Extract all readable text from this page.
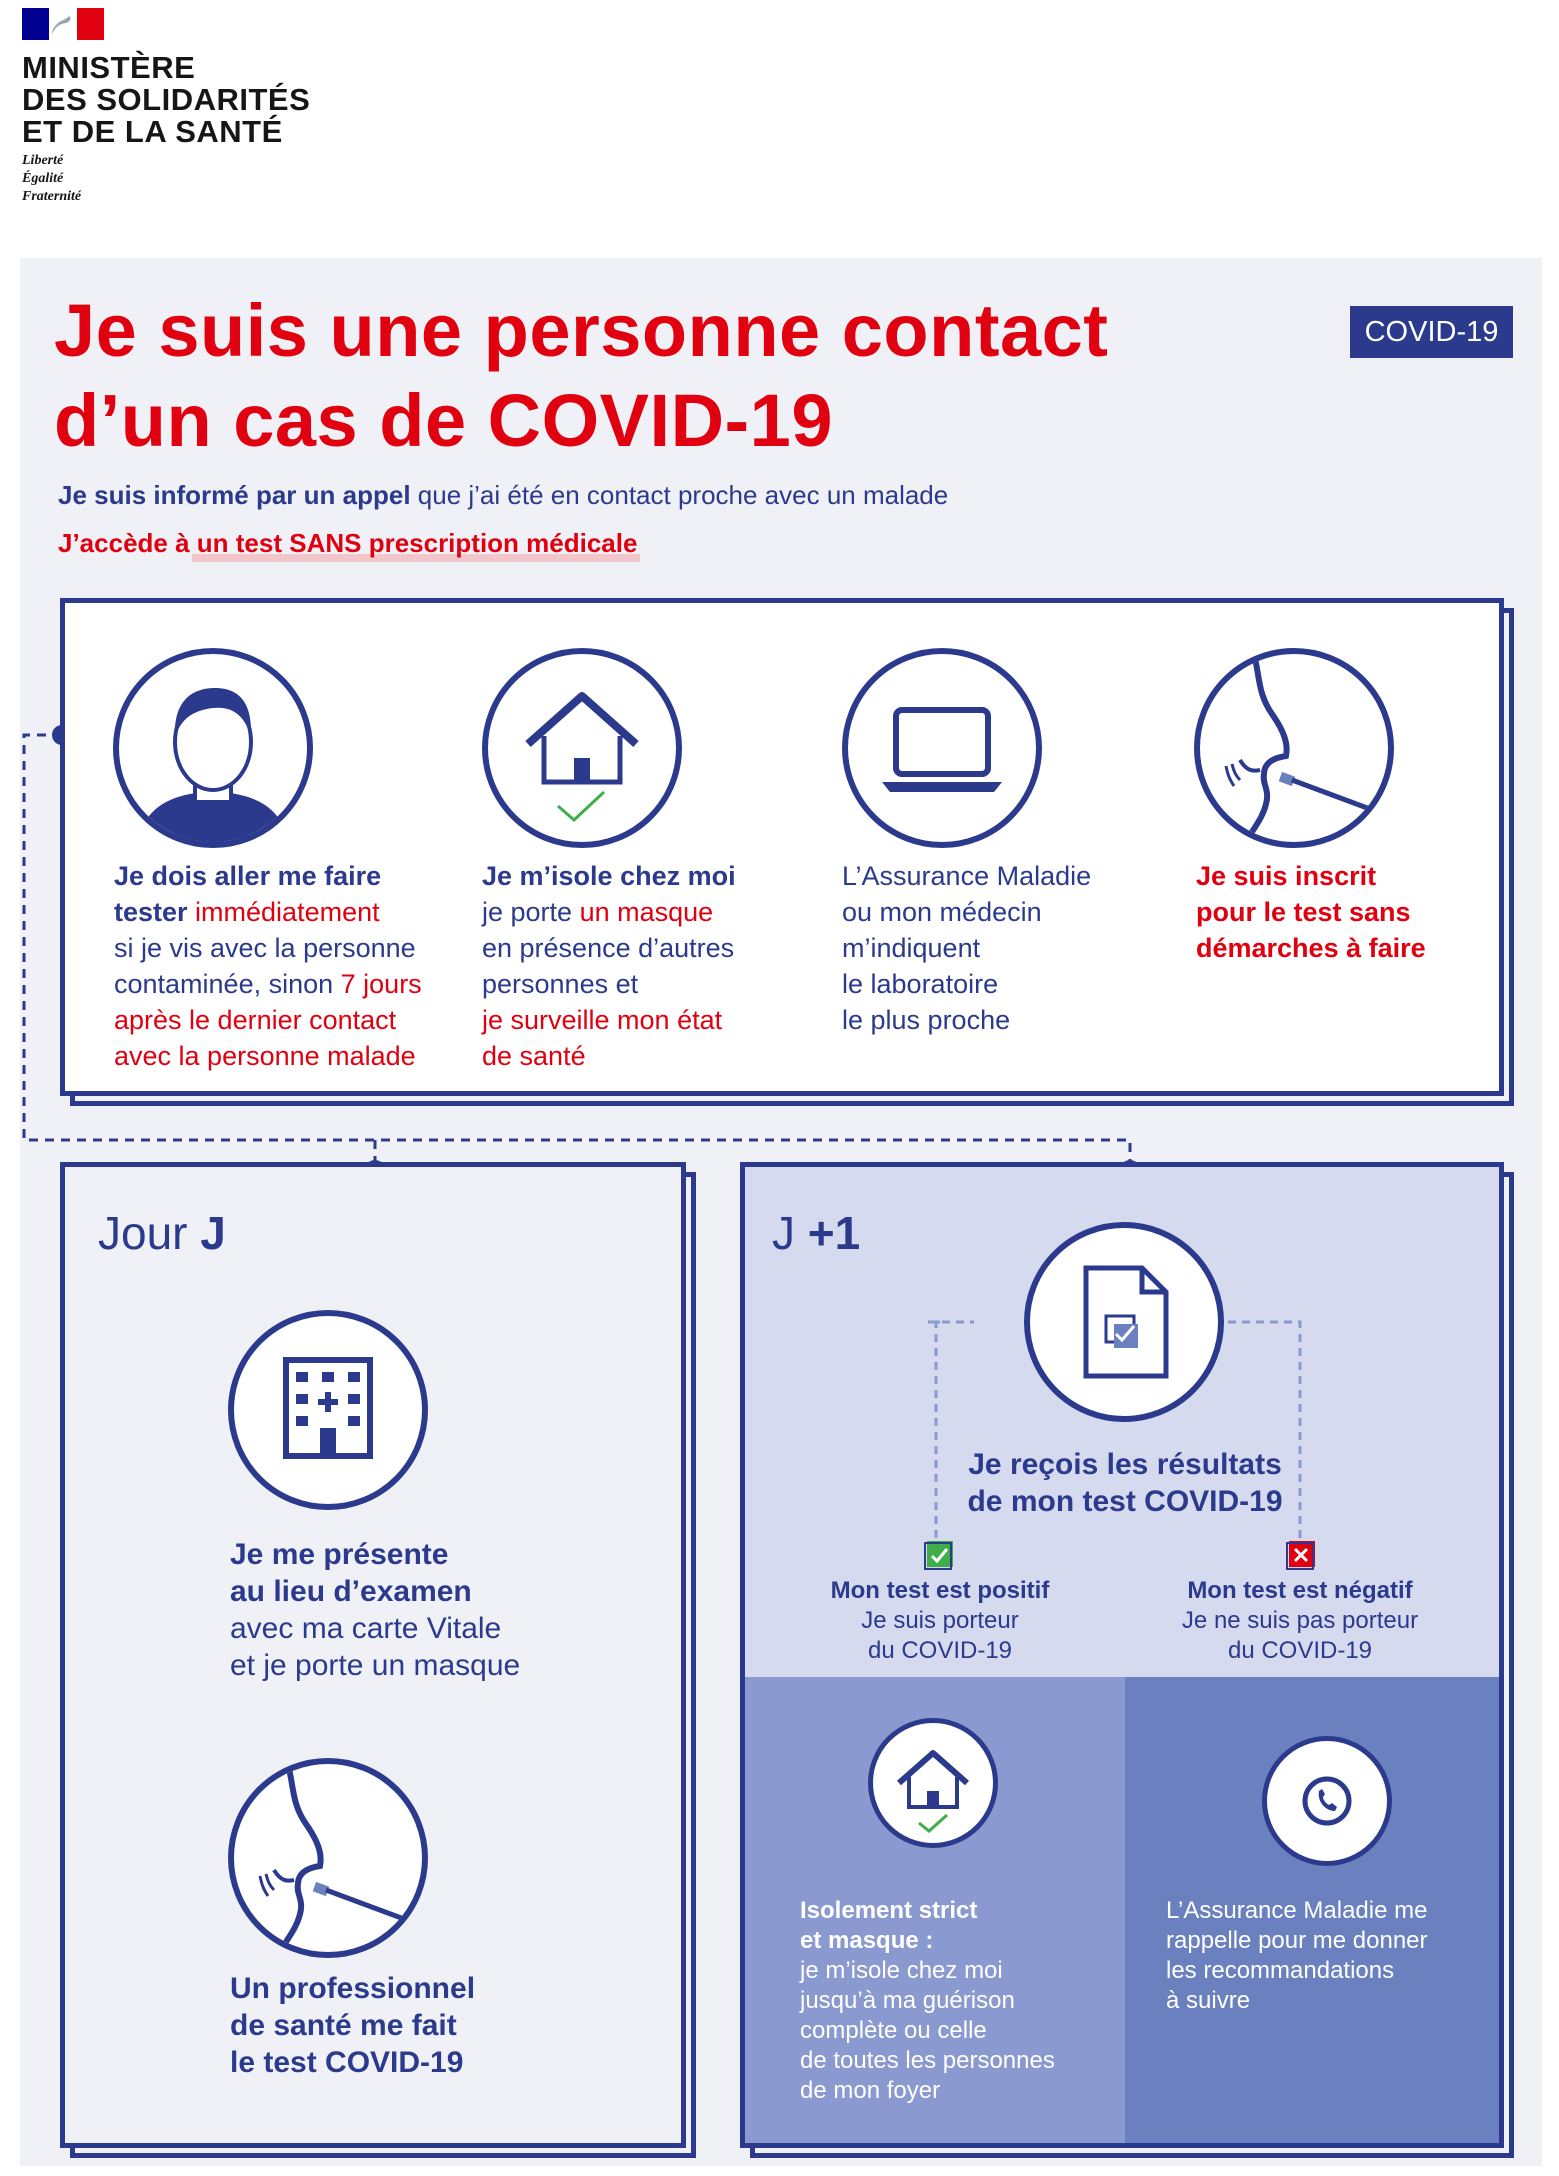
MINISTÈRE
DES SOLIDARITÉS
ET DE LA SANTÉ
Liberté
Égalité
Fraternité
Je suis une personne contact
d’un cas de COVID-19
COVID-19
Je suis informé par un appel que j’ai été en contact proche avec un malade
J’accède à un test SANS prescription médicale
Je dois aller me faire
tester immédiatement
si je vis avec la personne
contaminée, sinon 7 jours
après le dernier contact
avec la personne malade
Je m’isole chez moi
je porte un masque
en présence d’autres
personnes et
je surveille mon état
de santé
L’Assurance Maladie
ou mon médecin
m’indiquent
le laboratoire
le plus proche
Je suis inscrit
pour le test sans
démarches à faire
Jour J
Je me présente
au lieu d’examen
avec ma carte Vitale
et je porte un masque
Un professionnel
de santé me fait
le test COVID-19
J +1
Je reçois les résultats
de mon test COVID-19
Mon test est positif
Je suis porteur
du COVID-19
Mon test est négatif
Je ne suis pas porteur
du COVID-19
Isolement strict
et masque :
je m’isole chez moi
jusqu’à ma guérison
complète ou celle
de toutes les personnes
de mon foyer
L’Assurance Maladie me
rappelle pour me donner
les recommandations
à suivre
